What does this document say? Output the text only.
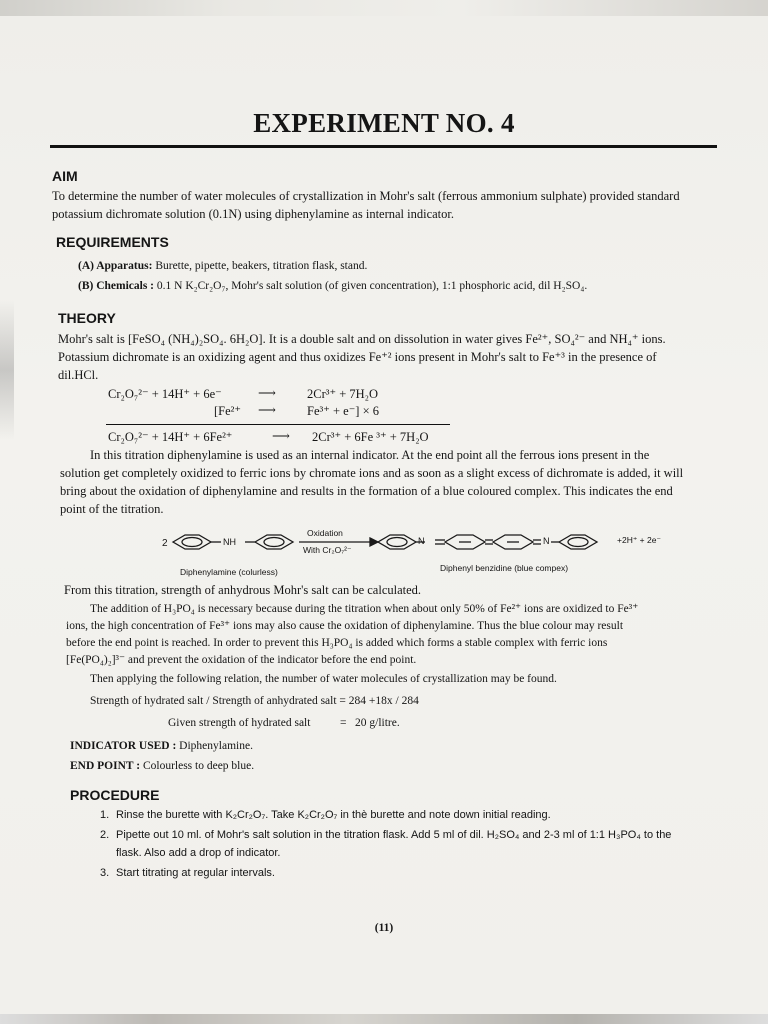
EXPERIMENT NO. 4
AIM
To determine the number of water molecules of crystallization in Mohr's salt (ferrous ammonium sulphate) provided standard
potassium dichromate solution (0.1N) using diphenylamine as internal indicator.
REQUIREMENTS
(A) Apparatus: Burette, pipette, beakers, titration flask, stand.
(B) Chemicals : 0.1 N K₂Cr₂O₇, Mohr's salt solution (of given concentration), 1:1 phosphoric acid, dil H₂SO₄.
THEORY
Mohr's salt is [FeSO₄ (NH₄)₂SO₄. 6H₂O]. It is a double salt and on dissolution in water gives Fe²⁺, SO₄²⁻ and NH₄⁺ ions.
Potassium dichromate is an oxidizing agent and thus oxidizes Fe⁺² ions present in Mohr's salt to Fe⁺³ in the presence of
dil.HCl.
Cr₂O₇²⁻ + 14H⁺ + 6e⁻	⟶ 2Cr³⁺ + 7H₂O
[Fe²⁺ ⟶ Fe³⁺ + e⁻] × 6
Cr₂O₇²⁻ + 14H⁺ + 6Fe²⁺	⟶ 2Cr³⁺ + 6Fe ³⁺ + 7H₂O
In this titration diphenylamine is used as an internal indicator. At the end point all the ferrous ions present in the
solution get completely oxidized to ferric ions by chromate ions and as soon as a slight excess of dichromate is added, it will
bring about the oxidation of diphenylamine and results in the formation of a blue coloured complex. This indicates the end
point of the titration.
2	NH
Oxidation
With Cr₂O₇²⁻
N	N	+2H⁺ + 2e⁻
Diphenylamine (colurless)	Diphenyl benzidine (blue compex)
From this titration, strength of anhydrous Mohr's salt can be calculated.
The addition of H₃PO₄ is necessary because during the titration when about only 50% of Fe²⁺ ions are oxidized to Fe³⁺
ions, the high concentration of Fe³⁺ ions may also cause the oxidation of diphenylamine. Thus the blue colour may result
before the end point is reached. In order to prevent this H₃PO₄ is added which forms a stable complex with ferric ions
[Fe(PO₄)₂]³⁻ and prevent the oxidation of the indicator before the end point.
Then applying the following relation, the number of water molecules of crystallization may be found.
Strength of hydrated salt / Strength of anhydrated salt = 284 +18x / 284
Given strength of hydrated salt	= 20 g/litre.
INDICATOR USED : Diphenylamine.
END POINT : Colourless to deep blue.
PROCEDURE
1. Rinse the burette with K₂Cr₂O₇. Take K₂Cr₂O₇ in thè burette and note down initial reading.
2. Pipette out 10 ml. of Mohr's salt solution in the titration flask. Add 5 ml of dil. H₂SO₄ and 2-3 ml of 1:1 H₃PO₄ to the
flask. Also add a drop of indicator.
3. Start titrating at regular intervals.
(11)
